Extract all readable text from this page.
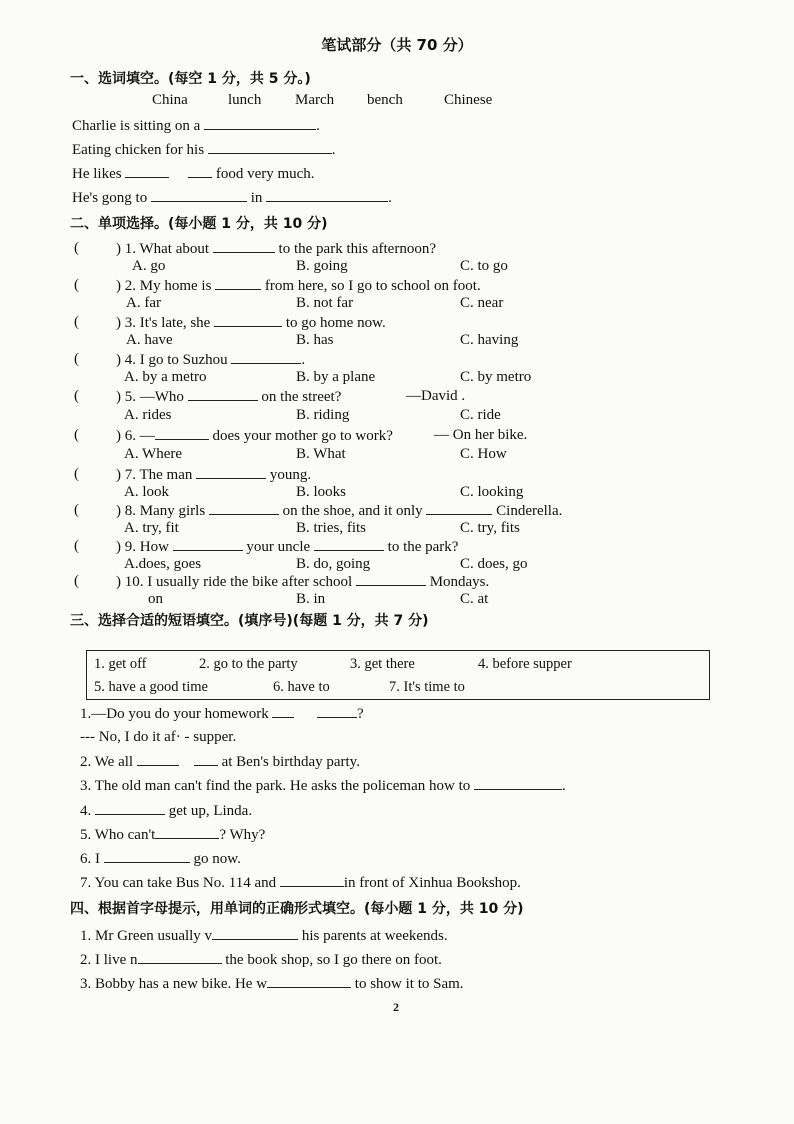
笔试部分（共 70 分）
一、选词填空。(每空 1 分，共 5 分。)
China	lunch March bench	Chinese
Charlie is sitting on a	.
Eating chicken for his	.
He likes	food very much.
He's gong to	in	.
二、单项选择。(每小题 1 分，共 10 分)
( ) 1. What about	to the park this afternoon?
A. go	B. going	C. to go
( ) 2. My home is	from here, so I go to school on foot.
A. far	B. not far	C. near
( ) 3. It's late, she	to go home now.
A. have	B. has	C. having
( ) 4. I go to Suzhou	.
A. by a metro	B. by a plane	C. by metro
( ) 5. —Who	on the street?	—David .
A. rides	B. riding	C. ride
( ) 6. —	does your mother go to work?	— On her bike.
A. Where	B. What	C. How
( ) 7. The man	young.
A. look	B. looks	C. looking
( ) 8. Many girls	on the shoe, and it only	Cinderella.
A. try, fit	B. tries, fits	C. try, fits
( ) 9. How	your uncle	to the park?
A.does, goes	B. do, going	C. does, go
( ) 10. I usually ride the bike after school	Mondays.
on	B. in	C. at
三、选择合适的短语填空。(填序号)(每题 1 分，共 7 分)
1. get off	2. go to the party	3. get there	4. before supper
5. have a good time	6. have to	7. It's time to
1.—Do you do your homework	?
--- No, I do it af· - supper.
2. We all	at Ben's birthday party.
3. The old man can't find the park. He asks the policeman how to	.
4.	get up, Linda.
5. Who can't	? Why?
6. I	go now.
7. You can take Bus No. 114 and	in front of Xinhua Bookshop.
四、根据首字母提示，用单词的正确形式填空。(每小题 1 分，共 10 分)
1. Mr Green usually v	his parents at weekends.
2. I live n	the book shop, so I go there on foot.
3. Bobby has a new bike. He w	to show it to Sam.
2
